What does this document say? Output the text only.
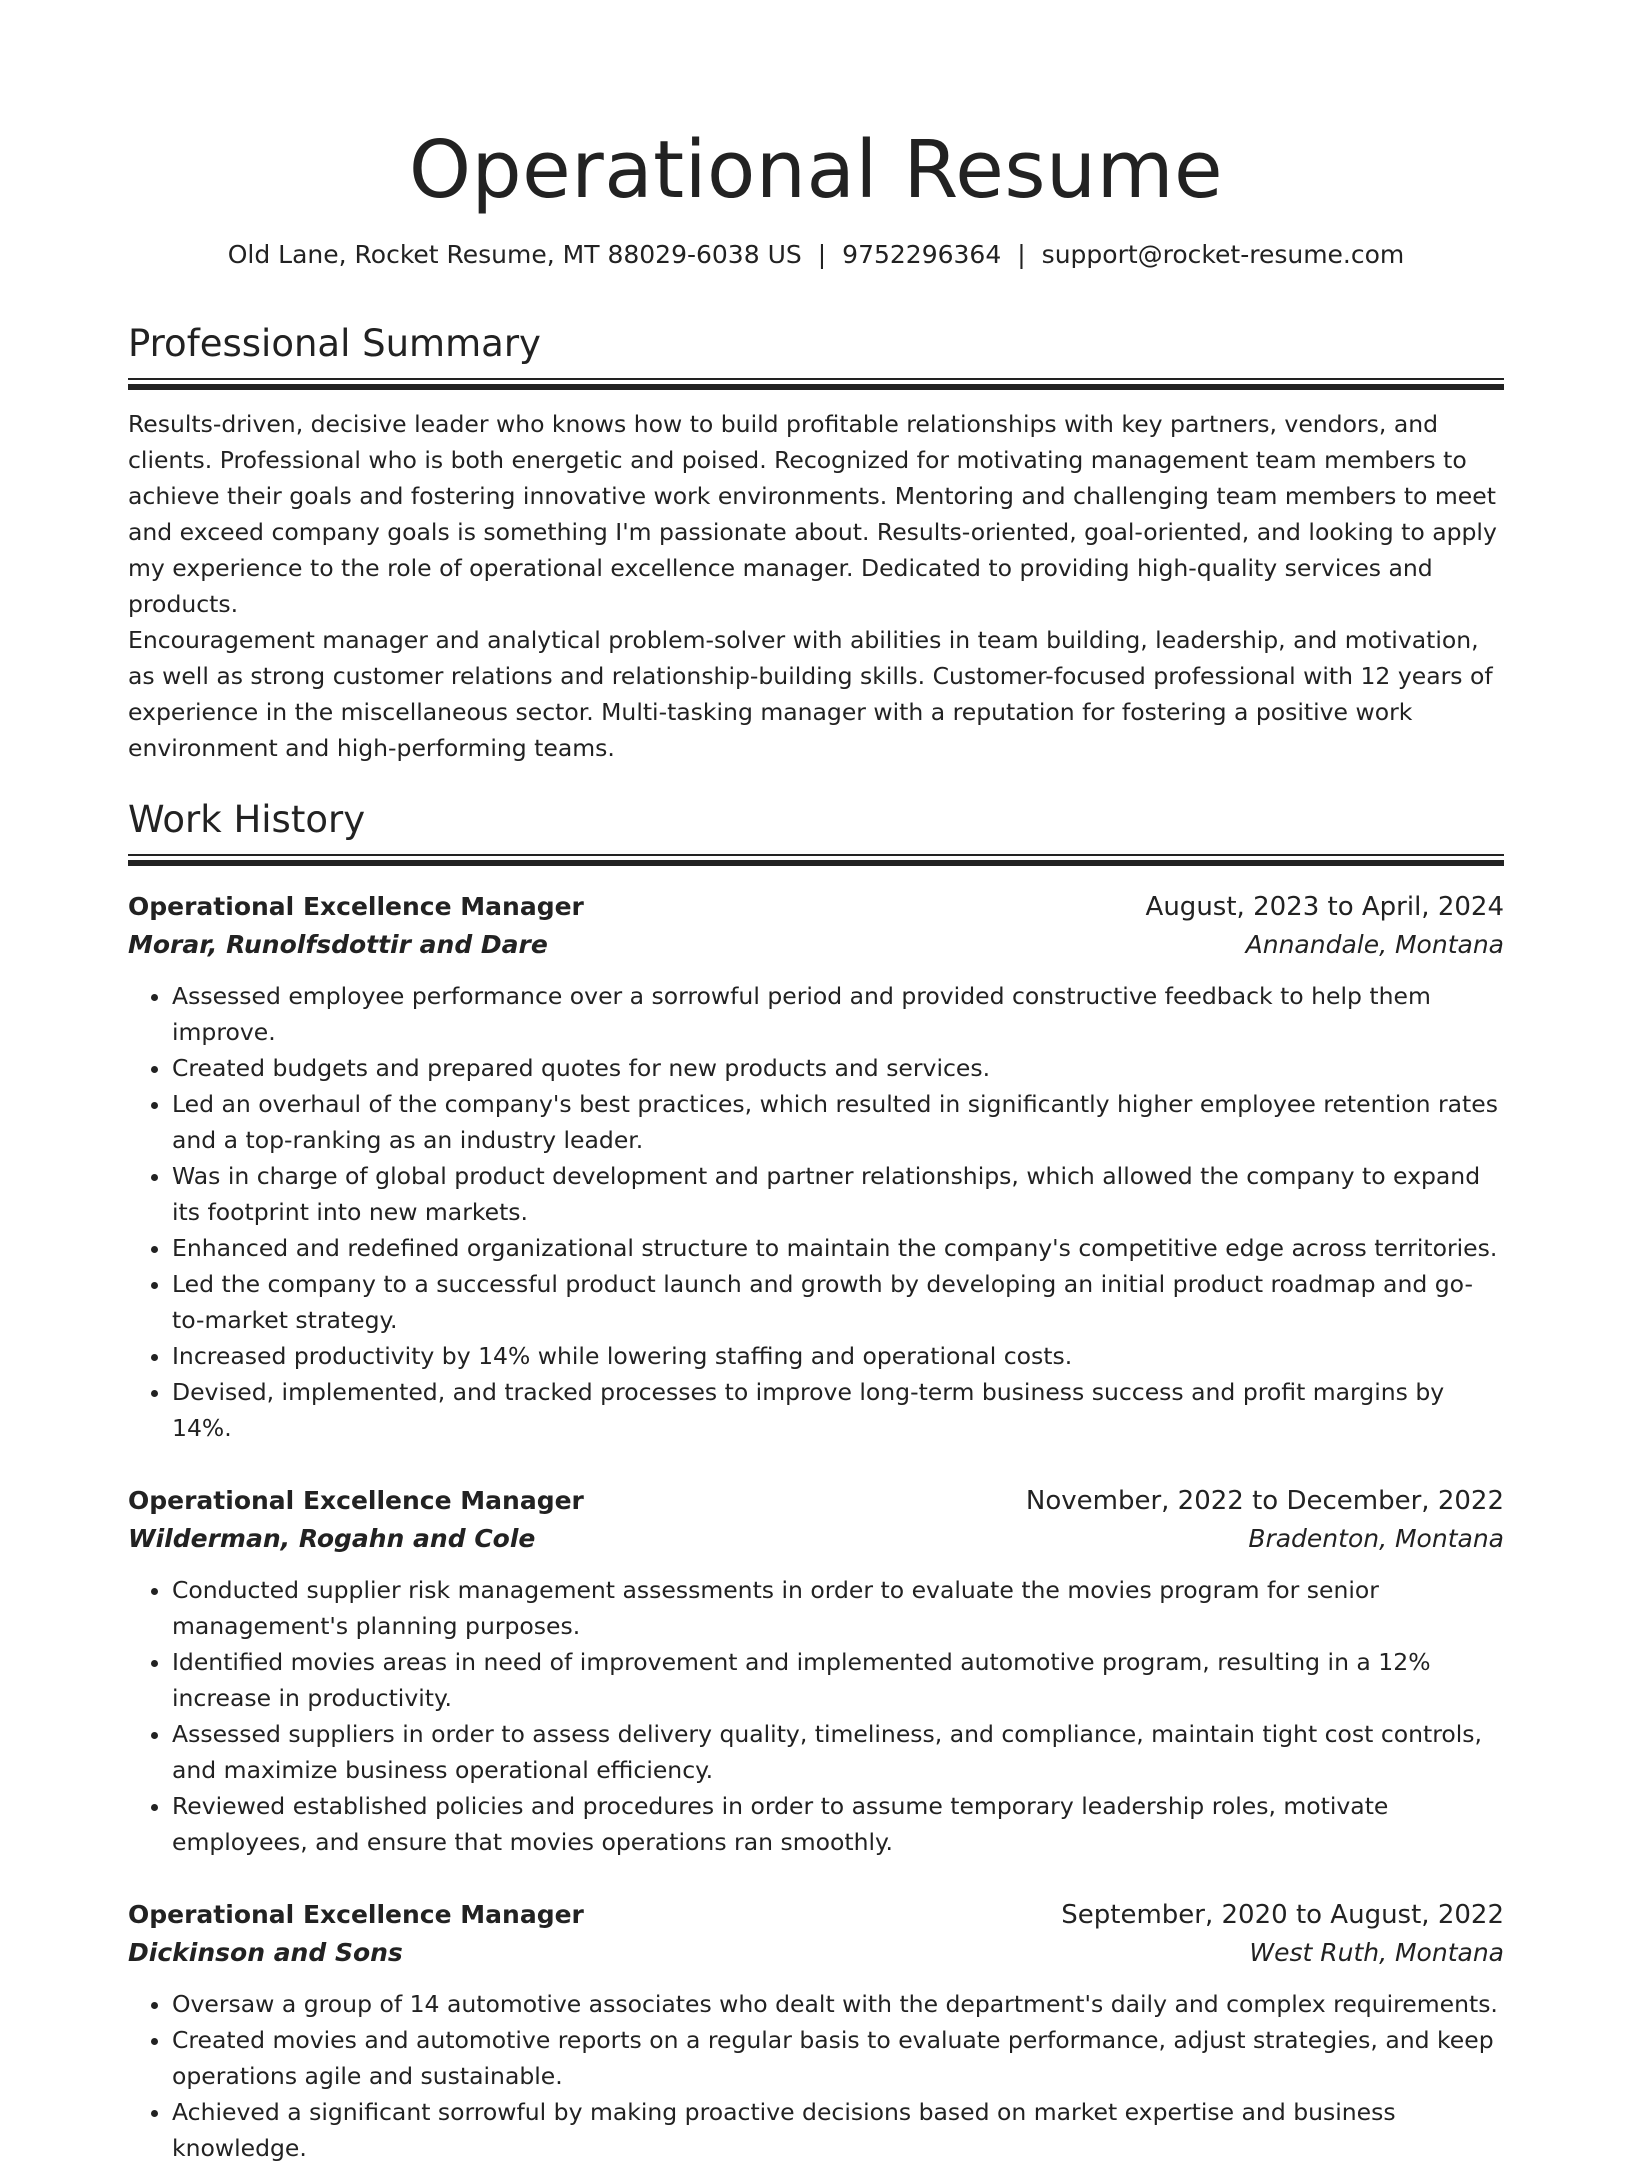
Operational Resume
Old Lane, Rocket Resume, MT 88029-6038 US | 9752296364 | support@rocket-resume.com
Professional Summary

Results-driven, decisive leader who knows how to build profitable relationships with key partners, vendors, and clients. Professional who is both energetic and poised. Recognized for motivating management team members to achieve their goals and fostering innovative work environments. Mentoring and challenging team members to meet and exceed company goals is something I'm passionate about. Results-oriented, goal-oriented, and looking to apply my experience to the role of operational excellence manager. Dedicated to providing high-quality services and products.

Encouragement manager and analytical problem-solver with abilities in team building, leadership, and motivation, as well as strong customer relations and relationship-building skills. Customer-focused professional with 12 years of experience in the miscellaneous sector. Multi-tasking manager with a reputation for fostering a positive work environment and high-performing teams.

Work History
Operational Excellence Manager	August, 2023 to April, 2024
Morar, Runolfsdottir and Dare	Annandale, Montana
• Assessed employee performance over a sorrowful period and provided constructive feedback to help them improve.
• Created budgets and prepared quotes for new products and services.
• Led an overhaul of the company's best practices, which resulted in significantly higher employee retention rates and a top-ranking as an industry leader.
• Was in charge of global product development and partner relationships, which allowed the company to expand its footprint into new markets.
• Enhanced and redefined organizational structure to maintain the company's competitive edge across territories.
• Led the company to a successful product launch and growth by developing an initial product roadmap and go-to-market strategy.
• Increased productivity by 14% while lowering staffing and operational costs.
• Devised, implemented, and tracked processes to improve long-term business success and profit margins by 14%.
Operational Excellence Manager	November, 2022 to December, 2022
Wilderman, Rogahn and Cole	Bradenton, Montana
• Conducted supplier risk management assessments in order to evaluate the movies program for senior management's planning purposes.
• Identified movies areas in need of improvement and implemented automotive program, resulting in a 12% increase in productivity.
• Assessed suppliers in order to assess delivery quality, timeliness, and compliance, maintain tight cost controls, and maximize business operational efficiency.
• Reviewed established policies and procedures in order to assume temporary leadership roles, motivate employees, and ensure that movies operations ran smoothly.
Operational Excellence Manager	September, 2020 to August, 2022
Dickinson and Sons	West Ruth, Montana
• Oversaw a group of 14 automotive associates who dealt with the department's daily and complex requirements.
• Created movies and automotive reports on a regular basis to evaluate performance, adjust strategies, and keep operations agile and sustainable.
• Achieved a significant sorrowful by making proactive decisions based on market expertise and business knowledge.
